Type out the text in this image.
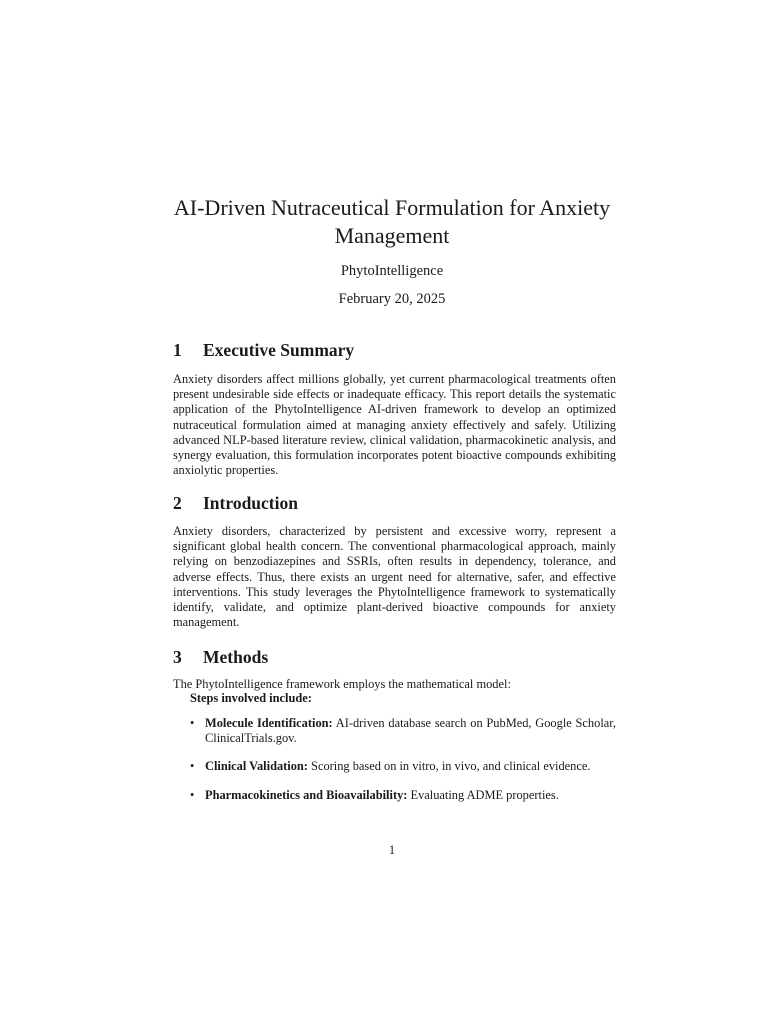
AI-Driven Nutraceutical Formulation for Anxiety Management
PhytoIntelligence
February 20, 2025
1 Executive Summary

Anxiety disorders affect millions globally, yet current pharmacological treatments often present undesirable side effects or inadequate efficacy. This report details the systematic application of the PhytoIntelligence AI-driven framework to develop an optimized nutraceutical formulation aimed at managing anxiety effectively and safely. Utilizing advanced NLP-based literature review, clinical validation, pharmacokinetic analysis, and synergy evaluation, this formulation incorporates potent bioactive compounds exhibiting anxiolytic properties.

2 Introduction

Anxiety disorders, characterized by persistent and excessive worry, represent a significant global health concern. The conventional pharmacological approach, mainly relying on benzodiazepines and SSRIs, often results in dependency, tolerance, and adverse effects. Thus, there exists an urgent need for alternative, safer, and effective interventions. This study leverages the PhytoIntelligence framework to systematically identify, validate, and optimize plant-derived bioactive compounds for anxiety management.

3 Methods

The PhytoIntelligence framework employs the mathematical model:

Steps involved include:
• Molecule Identification: AI-driven database search on PubMed, Google Scholar, ClinicalTrials.gov.
• Clinical Validation: Scoring based on in vitro, in vivo, and clinical evidence.
• Pharmacokinetics and Bioavailability: Evaluating ADME properties.
1
